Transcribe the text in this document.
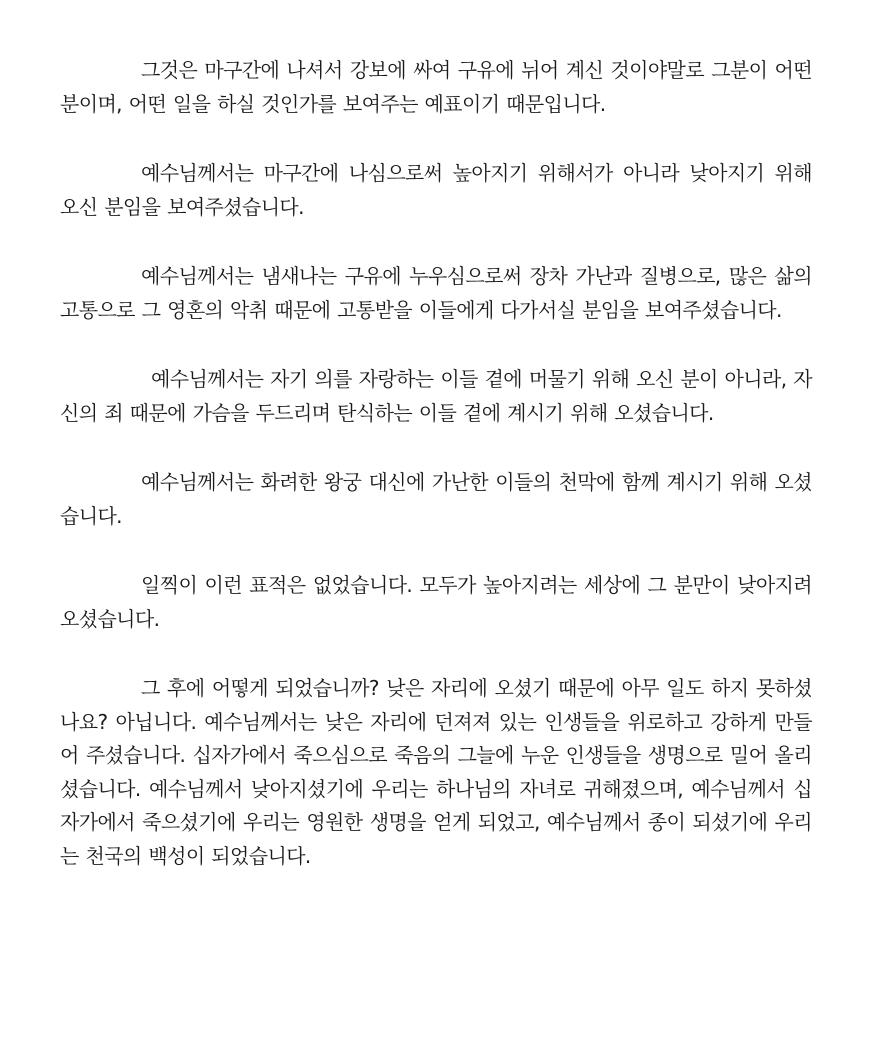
그것은 마구간에 나셔서 강보에 싸여 구유에 뉘어 계신 것이야말로 그분이 어떤 분이며, 어떤 일을 하실 것인가를 보여주는 예표이기 때문입니다.

예수님께서는 마구간에 나심으로써 높아지기 위해서가 아니라 낮아지기 위해 오신 분임을 보여주셨습니다.

예수님께서는 냄새나는 구유에 누우심으로써 장차 가난과 질병으로, 많은 삶의 고통으로 그 영혼의 악취 때문에 고통받을 이들에게 다가서실 분임을 보여주셨습니다.

예수님께서는 자기 의를 자랑하는 이들 곁에 머물기 위해 오신 분이 아니라, 자신의 죄 때문에 가슴을 두드리며 탄식하는 이들 곁에 계시기 위해 오셨습니다.

예수님께서는 화려한 왕궁 대신에 가난한 이들의 천막에 함께 계시기 위해 오셨습니다.

일찍이 이런 표적은 없었습니다. 모두가 높아지려는 세상에 그 분만이 낮아지려 오셨습니다.

그 후에 어떻게 되었습니까? 낮은 자리에 오셨기 때문에 아무 일도 하지 못하셨나요? 아닙니다. 예수님께서는 낮은 자리에 던져져 있는 인생들을 위로하고 강하게 만들어 주셨습니다. 십자가에서 죽으심으로 죽음의 그늘에 누운 인생들을 생명으로 밀어 올리셨습니다. 예수님께서 낮아지셨기에 우리는 하나님의 자녀로 귀해졌으며, 예수님께서 십자가에서 죽으셨기에 우리는 영원한 생명을 얻게 되었고, 예수님께서 종이 되셨기에 우리는 천국의 백성이 되었습니다.
